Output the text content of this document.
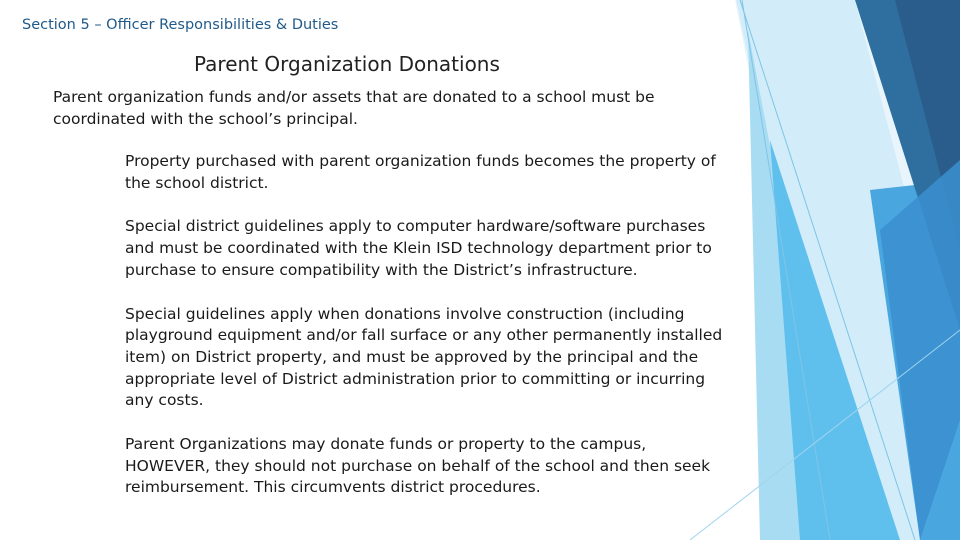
Section 5 – Officer Responsibilities & Duties
Parent Organization Donations

Parent organization funds and/or assets that are donated to a school must be coordinated with the school’s principal.

Property purchased with parent organization funds becomes the property of the school district.
Special district guidelines apply to computer hardware/software purchases and must be coordinated with the Klein ISD technology department prior to purchase to ensure compatibility with the District’s infrastructure.
Special guidelines apply when donations involve construction (including playground equipment and/or fall surface or any other permanently installed item) on District property, and must be approved by the principal and the appropriate level of District administration prior to committing or incurring any costs.
Parent Organizations may donate funds or property to the campus, HOWEVER, they should not purchase on behalf of the school and then seek reimbursement. This circumvents district procedures.
